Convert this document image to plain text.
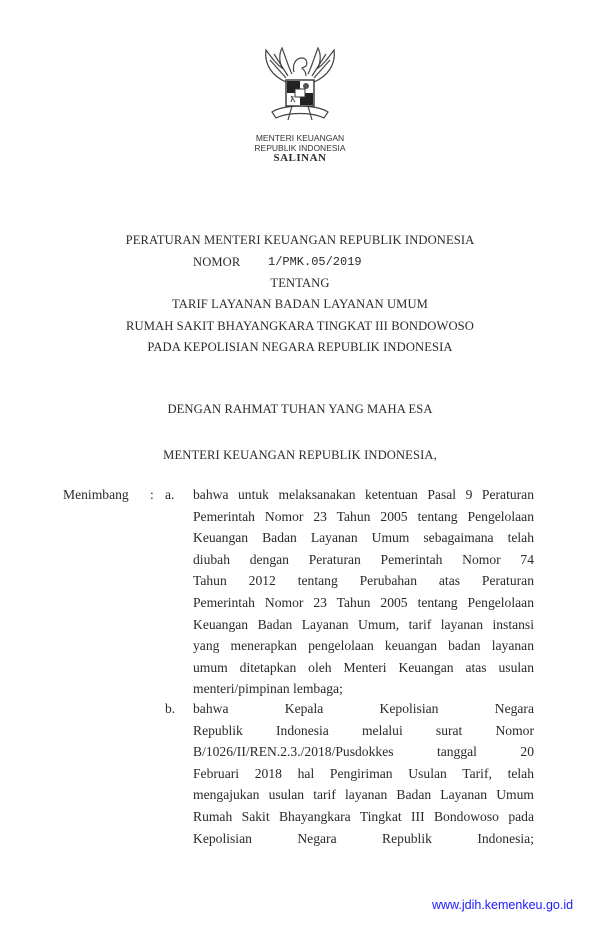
MENTERI KEUANGAN
REPUBLIK INDONESIA
SALINAN
PERATURAN MENTERI KEUANGAN REPUBLIK INDONESIA
NOMOR 1/PMK.05/2019
TENTANG
TARIF LAYANAN BADAN LAYANAN UMUM
RUMAH SAKIT BHAYANGKARA TINGKAT III BONDOWOSO
PADA KEPOLISIAN NEGARA REPUBLIK INDONESIA
DENGAN RAHMAT TUHAN YANG MAHA ESA
MENTERI KEUANGAN REPUBLIK INDONESIA,
Menimbang : a.
b.
bahwa untuk melaksanakan ketentuan Pasal 9 Peraturan
Pemerintah Nomor 23 Tahun 2005 tentang Pengelolaan
Keuangan Badan Layanan Umum sebagaimana telah
diubah dengan Peraturan Pemerintah Nomor 74
Tahun 2012 tentang Perubahan atas Peraturan
Pemerintah Nomor 23 Tahun 2005 tentang Pengelolaan
Keuangan Badan Layanan Umum, tarif layanan instansi
yang menerapkan pengelolaan keuangan badan layanan
umum ditetapkan oleh Menteri Keuangan atas usulan
menteri/pimpinan lembaga;
bahwa Kepala Kepolisian Negara
Republik Indonesia melalui surat Nomor
B/1026/II/REN.2.3./2018/Pusdokkes tanggal 20
Februari 2018 hal Pengiriman Usulan Tarif, telah
mengajukan usulan tarif layanan Badan Layanan Umum
Rumah Sakit Bhayangkara Tingkat III Bondowoso pada
Kepolisian Negara Republik Indonesia;
www.jdih.kemenkeu.go.id
